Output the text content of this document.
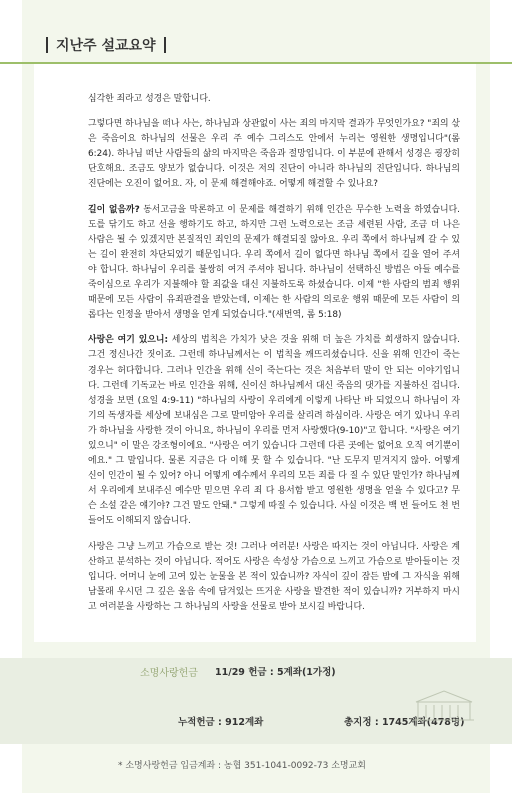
지난주 설교요약

심각한 죄라고 성경은 말합니다.

그렇다면 하나님을 떠나 사는, 하나님과 상관없이 사는 죄의 마지막 결과가 무엇인가요? "죄의 삯은 죽음이요 하나님의 선물은 우리 주 예수 그리스도 안에서 누리는 영원한 생명입니다"(롬 6:24). 하나님 떠난 사람들의 삶의 마지막은 죽음과 절망입니다. 이 부분에 관해서 성경은 굉장히 단호해요. 조금도 양보가 없습니다. 이것은 저의 진단이 아니라 하나님의 진단입니다. 하나님의 진단에는 오진이 없어요. 자, 이 문제 해결해야죠. 어떻게 해결할 수 있나요?

길이 없음까? 동서고금을 막론하고 이 문제를 해결하기 위해 인간은 무수한 노력을 하였습니다. 도를 닦기도 하고 선을 행하기도 하고, 하지만 그런 노력으로는 조금 세련된 사람, 조금 더 나은 사람은 될 수 있겠지만 본질적인 죄인의 문제가 해결되질 않아요. 우리 쪽에서 하나님께 갈 수 있는 길이 완전히 차단되었기 때문입니다. 우리 쪽에서 길이 없다면 하나님 쪽에서 길을 열어 주셔야 합니다. 하나님이 우리를 불쌍히 여겨 주셔야 됩니다. 하나님이 선택하신 방법은 아들 예수를 죽이심으로 우리가 지불해야 할 죄값을 대신 지불하도록 하셨습니다. 이제 "한 사람의 범죄 행위 때문에 모든 사람이 유죄판결을 받았는데, 이제는 한 사람의 의로운 행위 때문에 모든 사람이 의롭다는 인정을 받아서 생명을 얻게 되었습니다."(새번역, 롬 5:18)

사랑은 여기 있으니: 세상의 법칙은 가치가 낮은 것을 위해 더 높은 가치를 희생하지 않습니다. 그건 정신나간 짓이죠. 그런데 하나님께서는 이 법칙을 깨뜨리셨습니다. 신을 위해 인간이 죽는 경우는 허다합니다. 그러나 인간을 위해 신이 죽는다는 것은 처음부터 말이 안 되는 이야기입니다. 그런데 기독교는 바로 인간을 위해, 신이신 하나님께서 대신 죽음의 댓가를 지불하신 겁니다. 성경을 보면 (요일 4:9-11) "하나님의 사랑이 우리에게 이렇게 나타난 바 되었으니 하나님이 자기의 독생자를 세상에 보내심은 그로 말미암아 우리를 살리려 하심이라. 사랑은 여기 있나니 우리가 하나님을 사랑한 것이 아니요, 하나님이 우리를 먼저 사랑했다(9-10)"고 합니다. "사랑은 여기 있으니" 이 말은 강조형이에요. "사랑은 여기 있습니다 그런데 다른 곳에는 없어요 오직 여기뿐이에요." 그 말입니다. 물론 지금은 다 이해 못 할 수 있습니다. "난 도무지 믿겨지지 않아. 어떻게 신이 인간이 될 수 있어? 아니 어떻게 예수께서 우리의 모든 죄를 다 질 수 있단 말인가? 하나님께서 우리에게 보내주신 예수만 믿으면 우리 죄 다 용서함 받고 영원한 생명을 얻을 수 있다고? 무슨 소설 같은 얘기야? 그건 말도 안돼." 그렇게 따질 수 있습니다. 사실 이것은 백 번 들어도 천 번 들어도 이해되지 않습니다.

사랑은 그냥 느끼고 가슴으로 받는 것! 그러나 여러분! 사랑은 따지는 것이 아닙니다. 사랑은 계산하고 분석하는 것이 아닙니다. 적어도 사랑은 속성상 가슴으로 느끼고 가슴으로 받아들이는 것입니다. 어머니 눈에 고여 있는 눈물을 본 적이 있습니까? 자식이 깊이 잠든 밤에 그 자식을 위해 남몰래 우시던 그 깊은 울음 속에 담겨있는 뜨거운 사랑을 발견한 적이 있습니까? 거부하지 마시고 여러분을 사랑하는 그 하나님의 사랑을 선물로 받아 보시길 바랍니다.

소명사랑헌금 11/29 헌금 : 5계좌(1가정)
누적헌금 : 912계좌	총지정 : 1745계좌(478명)
* 소명사랑헌금 입금계좌 : 농협 351-1041-0092-73 소명교회
